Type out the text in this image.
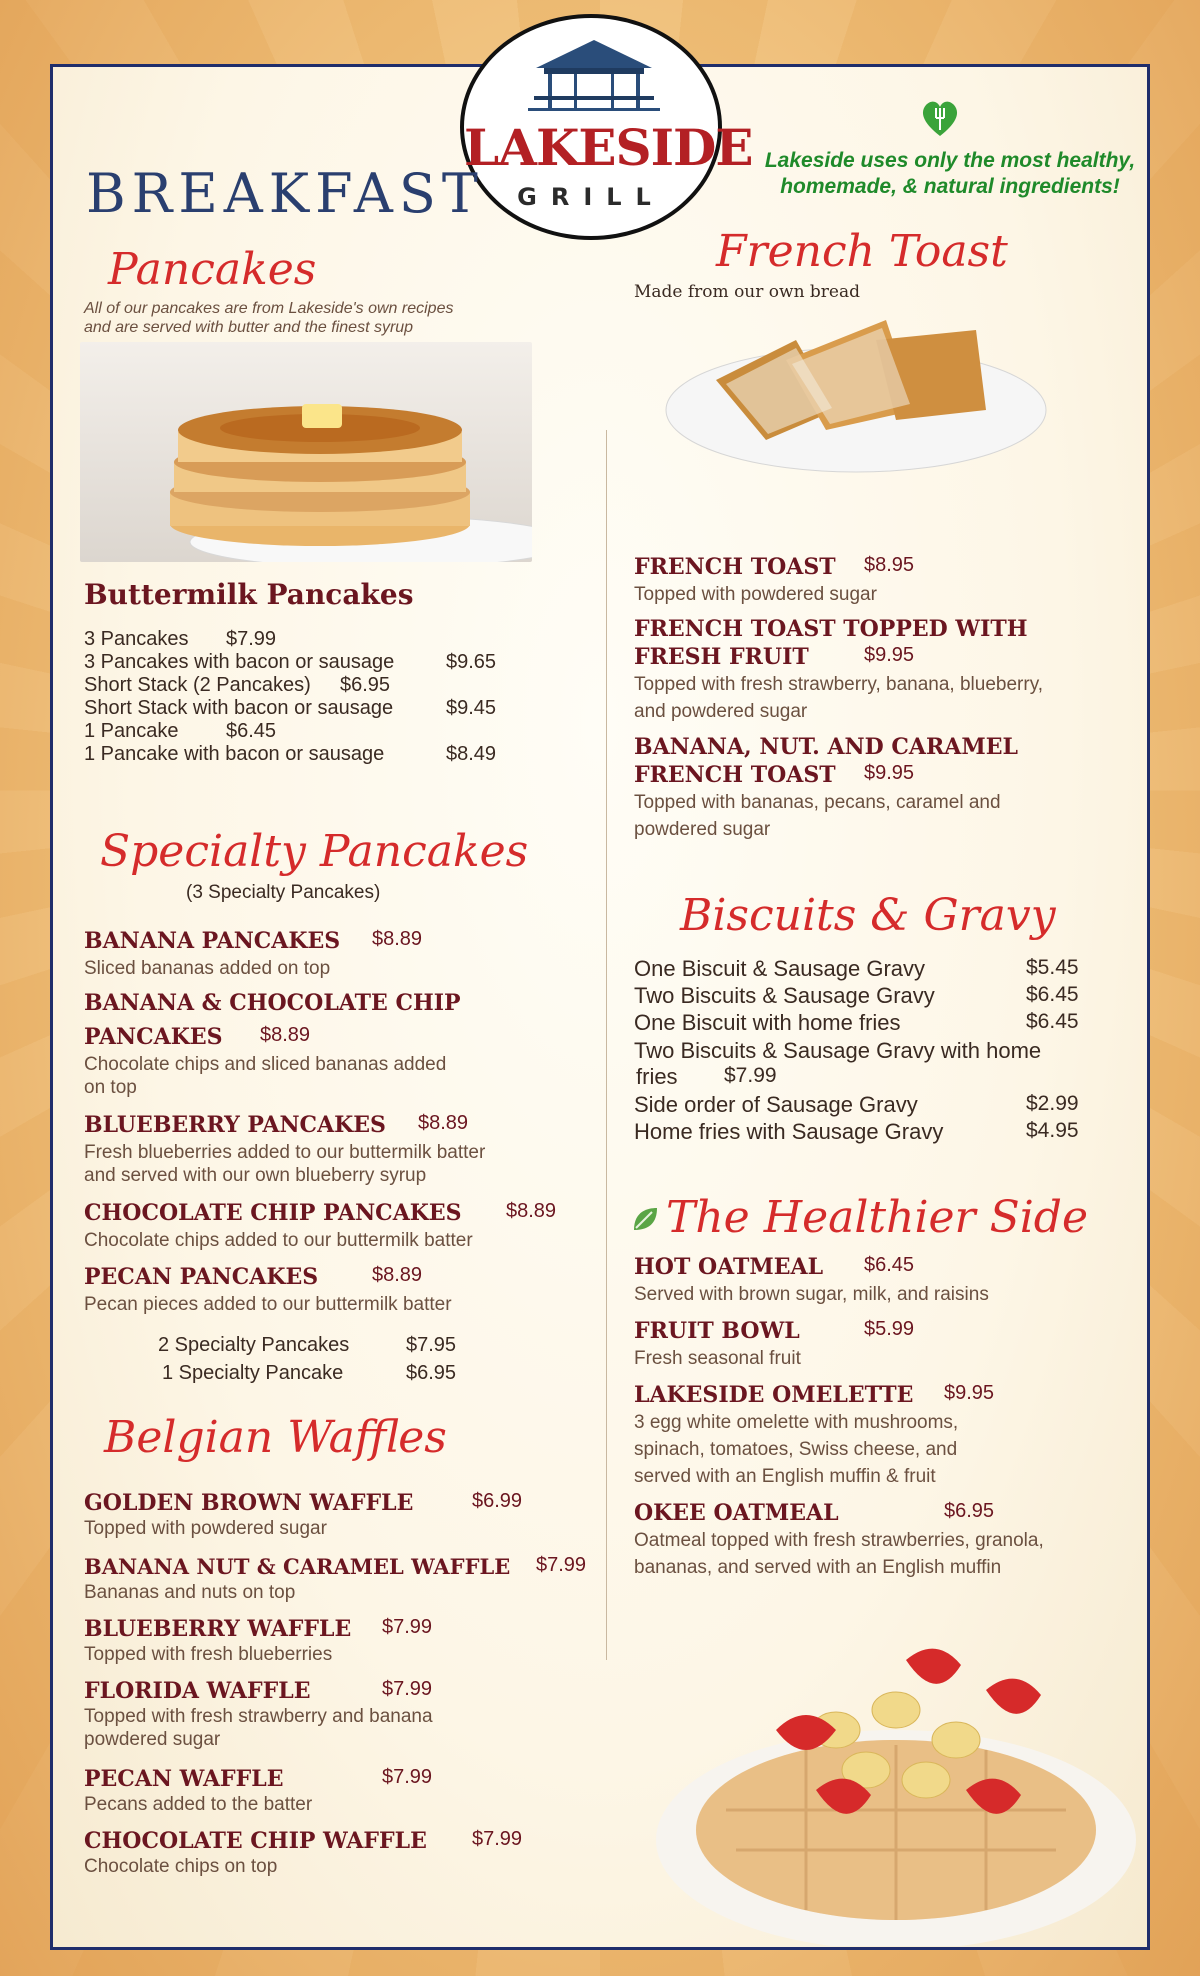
LAKESIDE
GRILL
BREAKFAST
Lakeside uses only the most healthy, homemade, & natural ingredients!
Pancakes
All of our pancakes are from Lakeside's own recipes
and are served with butter and the finest syrup
Buttermilk Pancakes
3 Pancakes $7.99
3 Pancakes with bacon or sausage	$9.65
Short Stack (2 Pancakes) $6.95
Short Stack with bacon or sausage	$9.45
1 Pancake $6.45
1 Pancake with bacon or sausage	$8.49
Specialty Pancakes
(3 Specialty Pancakes)
BANANA PANCAKES $8.89
Sliced bananas added on top
BANANA & CHOCOLATE CHIP
PANCAKES $8.89
Chocolate chips and sliced bananas added
on top
BLUEBERRY PANCAKES $8.89
Fresh blueberries added to our buttermilk batter
and served with our own blueberry syrup
CHOCOLATE CHIP PANCAKES $8.89
Chocolate chips added to our buttermilk batter
PECAN PANCAKES	$8.89
Pecan pieces added to our buttermilk batter
2 Specialty Pancakes	$7.95
1 Specialty Pancake	$6.95
Belgian Waffles
GOLDEN BROWN WAFFLE	$6.99
Topped with powdered sugar
BANANA NUT & CARAMEL WAFFLE $7.99
Bananas and nuts on top
BLUEBERRY WAFFLE $7.99
Topped with fresh blueberries
FLORIDA WAFFLE	$7.99
Topped with fresh strawberry and banana
powdered sugar
PECAN WAFFLE	$7.99
Pecans added to the batter
CHOCOLATE CHIP WAFFLE $7.99
Chocolate chips on top
French Toast
Made from our own bread
FRENCH TOAST $8.95
Topped with powdered sugar
FRENCH TOAST TOPPED WITH
FRESH FRUIT	$9.95
Topped with fresh strawberry, banana, blueberry,
and powdered sugar
BANANA, NUT. AND CARAMEL
FRENCH TOAST $9.95
Topped with bananas, pecans, caramel and
powdered sugar
Biscuits & Gravy
One Biscuit & Sausage Gravy	$5.45
Two Biscuits & Sausage Gravy	$6.45
One Biscuit with home fries	$6.45
Two Biscuits & Sausage Gravy with home
fries $7.99
Side order of Sausage Gravy	$2.99
Home fries with Sausage Gravy	$4.95
The Healthier Side
HOT OATMEAL $6.45
Served with brown sugar, milk, and raisins
FRUIT BOWL	$5.99
Fresh seasonal fruit
LAKESIDE OMELETTE $9.95
3 egg white omelette with mushrooms,
spinach, tomatoes, Swiss cheese, and
served with an English muffin & fruit
OKEE OATMEAL	$6.95
Oatmeal topped with fresh strawberries, granola,
bananas, and served with an English muffin
